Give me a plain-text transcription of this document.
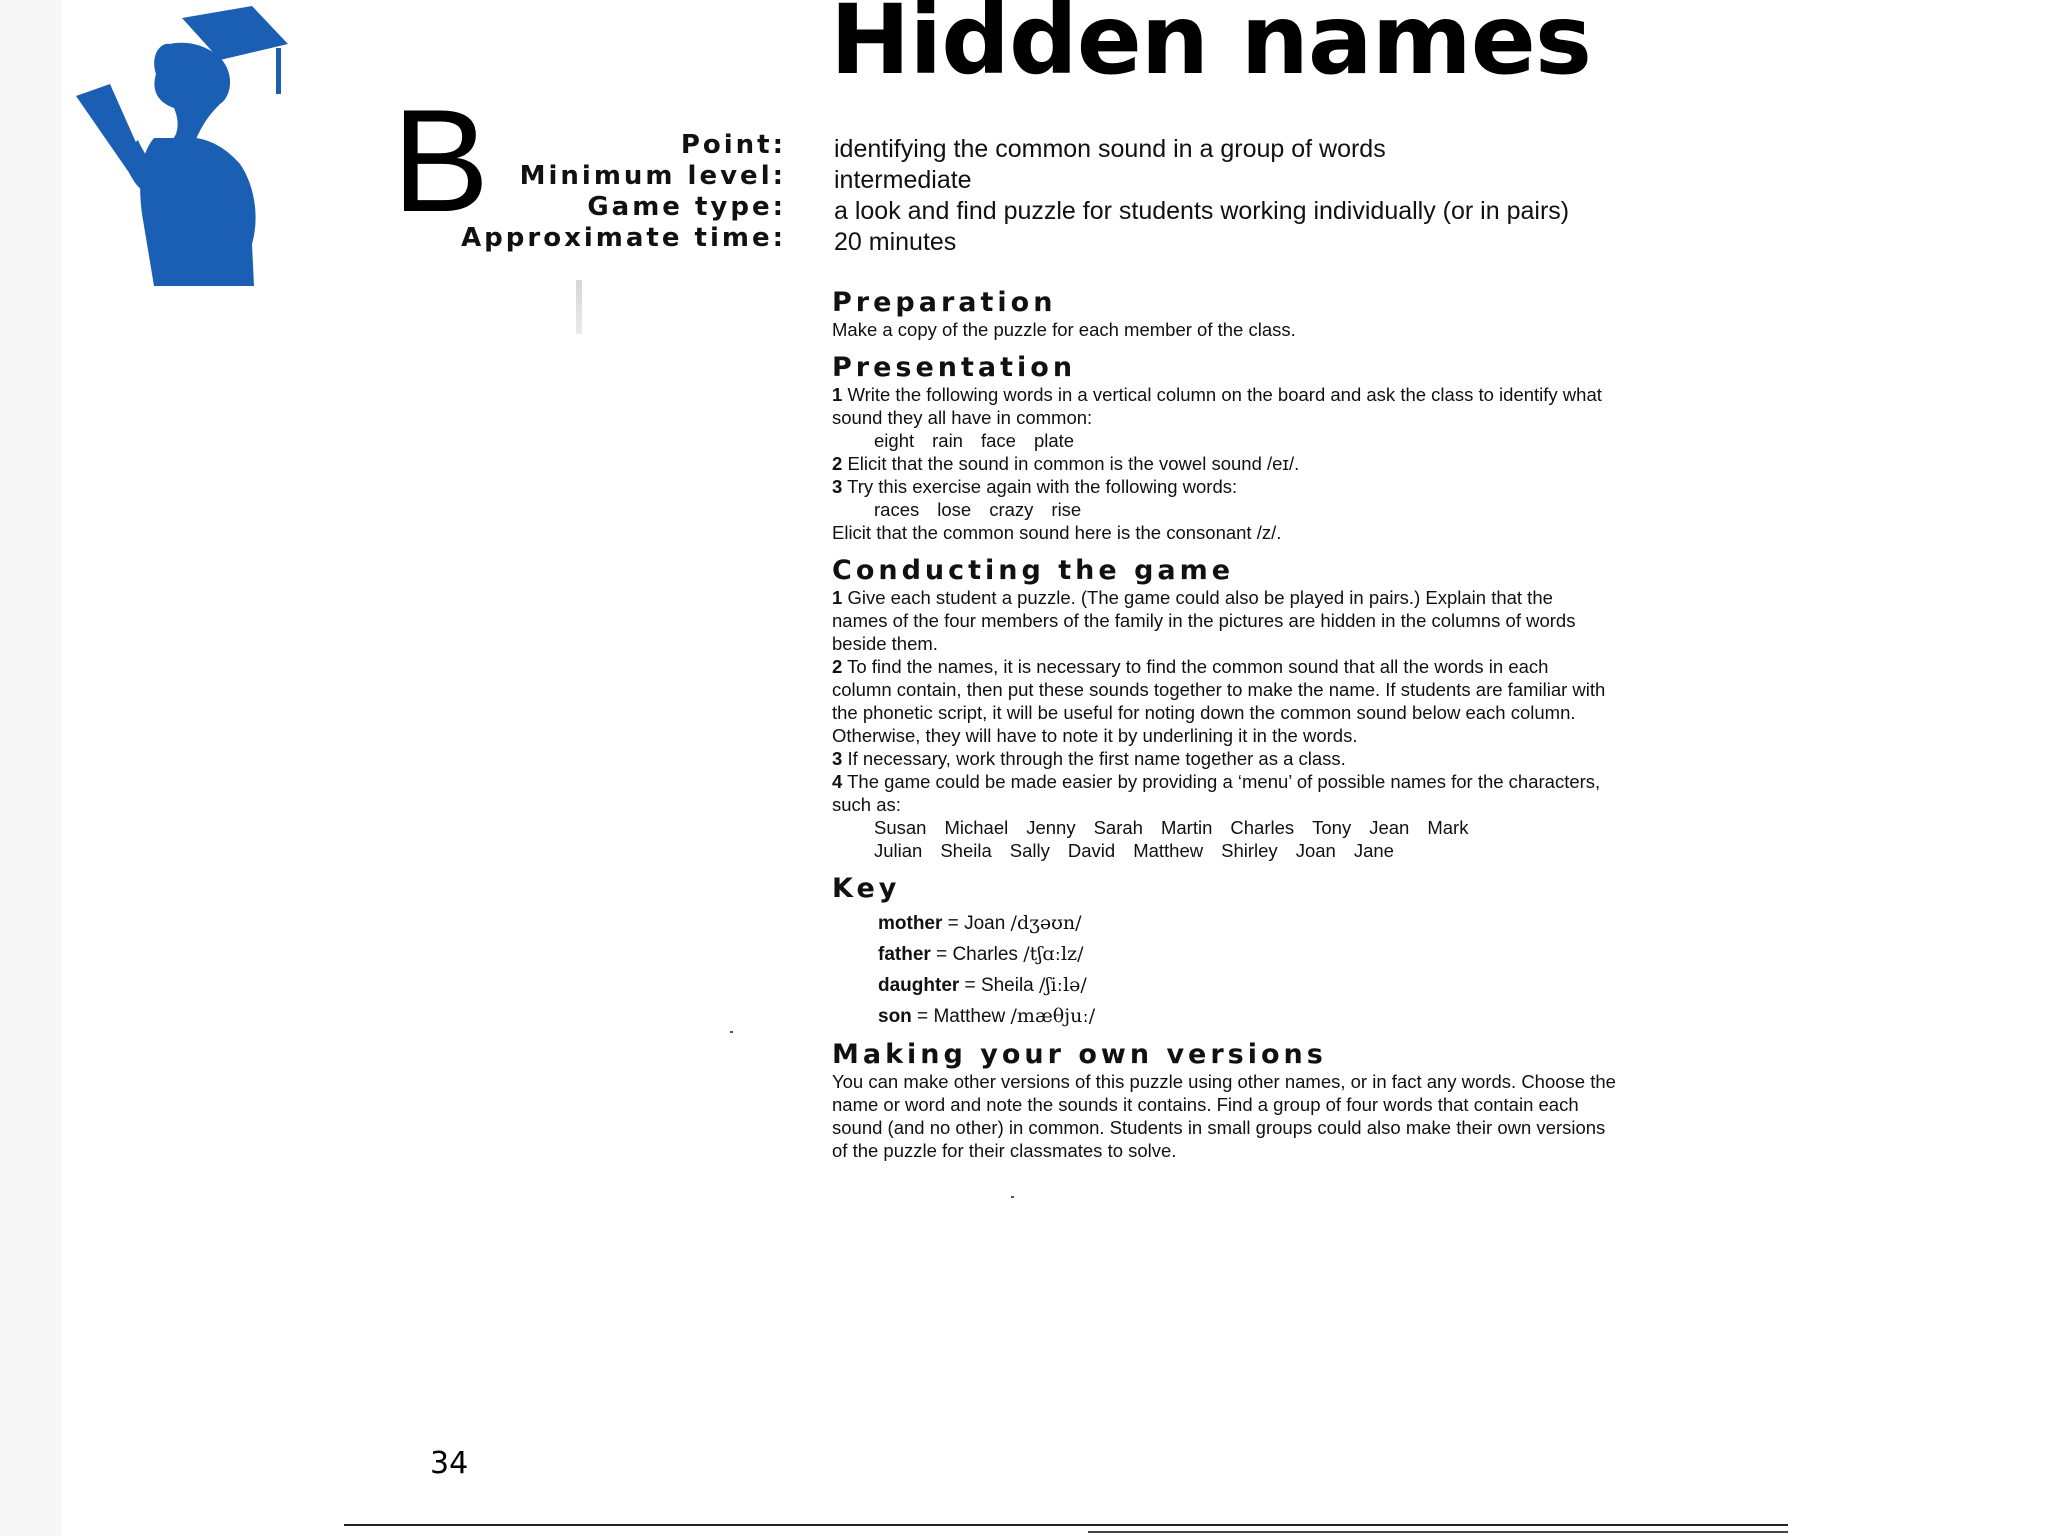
B
Hidden names
Point:
Minimum level:
Game type:
Approximate time:
identifying the common sound in a group of words
intermediate
a look and find puzzle for students working individually (or in pairs)
20 minutes
Preparation

Make a copy of the puzzle for each member of the class.

Presentation

1 Write the following words in a vertical column on the board and ask the class to identify what

sound they all have in common:

eight rain face plate

2 Elicit that the sound in common is the vowel sound /eɪ/.

3 Try this exercise again with the following words:

races lose crazy rise

Elicit that the common sound here is the consonant /z/.

Conducting the game

1 Give each student a puzzle. (The game could also be played in pairs.) Explain that the

names of the four members of the family in the pictures are hidden in the columns of words

beside them.

2 To find the names, it is necessary to find the common sound that all the words in each

column contain, then put these sounds together to make the name. If students are familiar with

the phonetic script, it will be useful for noting down the common sound below each column.

Otherwise, they will have to note it by underlining it in the words.

3 If necessary, work through the first name together as a class.

4 The game could be made easier by providing a ‘menu’ of possible names for the characters,

such as:

Susan Michael Jenny Sarah Martin Charles Tony Jean Mark

Julian Sheila Sally David Matthew Shirley Joan Jane

Key
mother = Joan /dʒəʊn/
father = Charles /tʃɑːlz/
daughter = Sheila /ʃiːlə/
son = Matthew /mæθjuː/
Making your own versions

You can make other versions of this puzzle using other names, or in fact any words. Choose the

name or word and note the sounds it contains. Find a group of four words that contain each

sound (and no other) in common. Students in small groups could also make their own versions

of the puzzle for their classmates to solve.

34
